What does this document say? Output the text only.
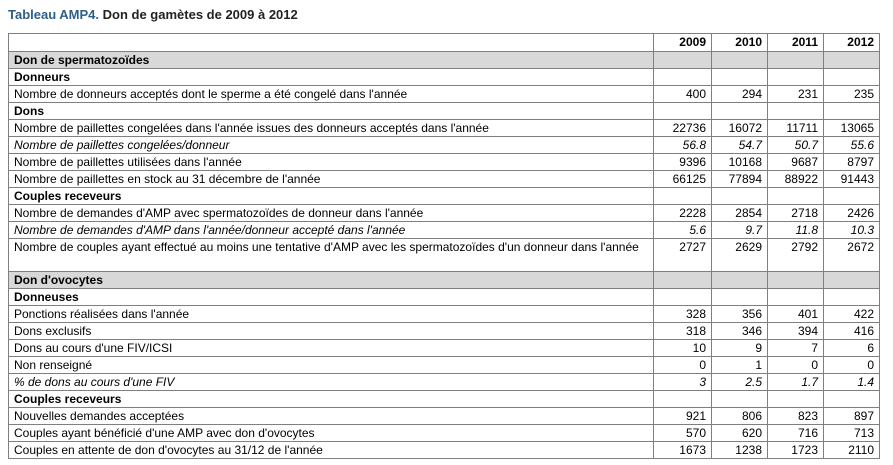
Tableau AMP4. Don de gamètes de 2009 à 2012
	2009	2010	2011	2012
Don de spermatozoïdes				
Donneurs				
Nombre de donneurs acceptés dont le sperme a été congelé dans l'année	400	294	231	235
Dons				
Nombre de paillettes congelées dans l'année issues des donneurs acceptés dans l'année	22736	16072	11711	13065
Nombre de paillettes congelées/donneur	56.8	54.7	50.7	55.6
Nombre de paillettes utilisées dans l'année	9396	10168	9687	8797
Nombre de paillettes en stock au 31 décembre de l'année	66125	77894	88922	91443
Couples receveurs				
Nombre de demandes d'AMP avec spermatozoïdes de donneur dans l'année	2228	2854	2718	2426
Nombre de demandes d'AMP dans l'année/donneur accepté dans l'année	5.6	9.7	11.8	10.3
Nombre de couples ayant effectué au moins une tentative d'AMP avec les spermatozoïdes d'un donneur dans l'année	2727	2629	2792	2672
Don d'ovocytes				
Donneuses				
Ponctions réalisées dans l'année	328	356	401	422
Dons exclusifs	318	346	394	416
Dons au cours d'une FIV/ICSI	10	9	7	6
Non renseigné	0	1	0	0
% de dons au cours d'une FIV	3	2.5	1.7	1.4
Couples receveurs				
Nouvelles demandes acceptées	921	806	823	897
Couples ayant bénéficié d'une AMP avec don d'ovocytes	570	620	716	713
Couples en attente de don d'ovocytes au 31/12 de l'année	1673	1238	1723	2110
